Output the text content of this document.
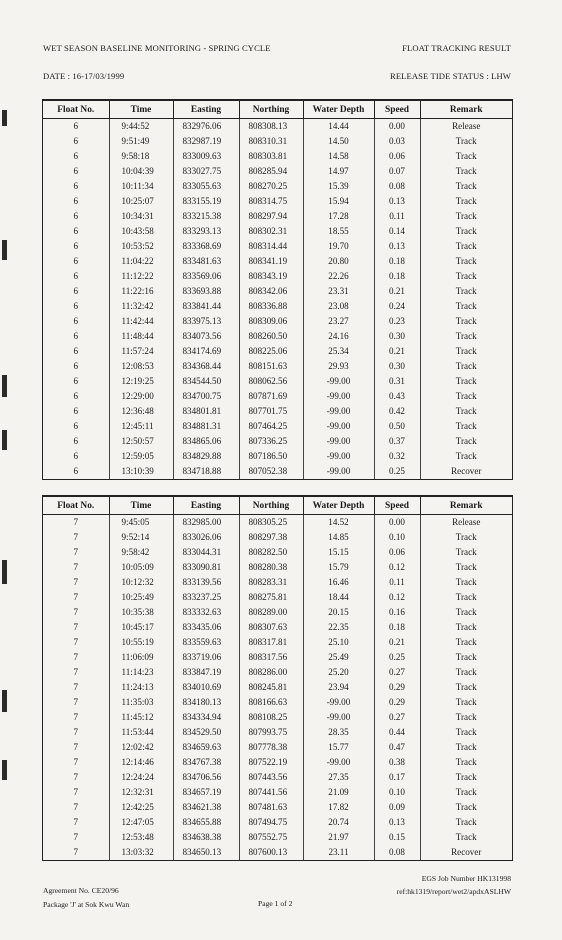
WET SEASON BASELINE MONITORING - SPRING CYCLE	FLOAT TRACKING RESULT
DATE : 16-17/03/1999	RELEASE TIDE STATUS : LHW
Float No.	Time	Easting	Northing	Water Depth	Speed	Remark
6	9:44:52	832976.06	808308.13	14.44	0.00	Release
6	9:51:49	832987.19	808310.31	14.50	0.03	Track
6	9:58:18	833009.63	808303.81	14.58	0.06	Track
6	10:04:39	833027.75	808285.94	14.97	0.07	Track
6	10:11:34	833055.63	808270.25	15.39	0.08	Track
6	10:25:07	833155.19	808314.75	15.94	0.13	Track
6	10:34:31	833215.38	808297.94	17.28	0.11	Track
6	10:43:58	833293.13	808302.31	18.55	0.14	Track
6	10:53:52	833368.69	808314.44	19.70	0.13	Track
6	11:04:22	833481.63	808341.19	20.80	0.18	Track
6	11:12:22	833569.06	808343.19	22.26	0.18	Track
6	11:22:16	833693.88	808342.06	23.31	0.21	Track
6	11:32:42	833841.44	808336.88	23.08	0.24	Track
6	11:42:44	833975.13	808309.06	23.27	0.23	Track
6	11:48:44	834073.56	808260.50	24.16	0.30	Track
6	11:57:24	834174.69	808225.06	25.34	0.21	Track
6	12:08:53	834368.44	808151.63	29.93	0.30	Track
6	12:19:25	834544.50	808062.56	-99.00	0.31	Track
6	12:29:00	834700.75	807871.69	-99.00	0.43	Track
6	12:36:48	834801.81	807701.75	-99.00	0.42	Track
6	12:45:11	834881.31	807464.25	-99.00	0.50	Track
6	12:50:57	834865.06	807336.25	-99.00	0.37	Track
6	12:59:05	834829.88	807186.50	-99.00	0.32	Track
6	13:10:39	834718.88	807052.38	-99.00	0.25	Recover
Float No.	Time	Easting	Northing	Water Depth	Speed	Remark
7	9:45:05	832985.00	808305.25	14.52	0.00	Release
7	9:52:14	833026.06	808297.38	14.85	0.10	Track
7	9:58:42	833044.31	808282.50	15.15	0.06	Track
7	10:05:09	833090.81	808280.38	15.79	0.12	Track
7	10:12:32	833139.56	808283.31	16.46	0.11	Track
7	10:25:49	833237.25	808275.81	18.44	0.12	Track
7	10:35:38	833332.63	808289.00	20.15	0.16	Track
7	10:45:17	833435.06	808307.63	22.35	0.18	Track
7	10:55:19	833559.63	808317.81	25.10	0.21	Track
7	11:06:09	833719.06	808317.56	25.49	0.25	Track
7	11:14:23	833847.19	808286.00	25.20	0.27	Track
7	11:24:13	834010.69	808245.81	23.94	0.29	Track
7	11:35:03	834180.13	808166.63	-99.00	0.29	Track
7	11:45:12	834334.94	808108.25	-99.00	0.27	Track
7	11:53:44	834529.50	807993.75	28.35	0.44	Track
7	12:02:42	834659.63	807778.38	15.77	0.47	Track
7	12:14:46	834767.38	807522.19	-99.00	0.38	Track
7	12:24:24	834706.56	807443.56	27.35	0.17	Track
7	12:32:31	834657.19	807441.56	21.09	0.10	Track
7	12:42:25	834621.38	807481.63	17.82	0.09	Track
7	12:47:05	834655.88	807494.75	20.74	0.13	Track
7	12:53:48	834638.38	807552.75	21.97	0.15	Track
7	13:03:32	834650.13	807600.13	23.11	0.08	Recover
Agreement No. CE20/96
Package 'J' at Sok Kwu Wan	Page 1 of 2
EGS Job Number HK131998
ref:hk1319/report/wet2/apdxASLHW
